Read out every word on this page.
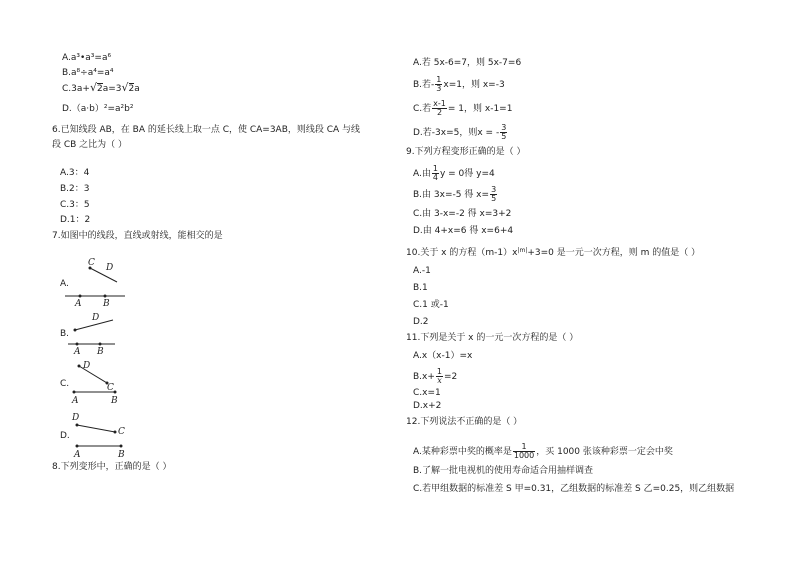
A.a³•a³=a⁶
B.a⁸÷a⁴=a⁴
C.3a+√2a=3√2a
D.（a·b）²=a²b²
6.已知线段 AB，在 BA 的延长线上取一点 C，使 CA=3AB，则线段 CA 与线
段 CB 之比为（ ）
A.3：4
B.2：3
C.3：5
D.1：2
7.如图中的线段，直线或射线，能相交的是
A.
A B
C D
B.
A B
D
C.
A	B
D
C
D.
A	B
D
C
8.下列变形中，正确的是（ ）
A.若 5x-6=7，则 5x-7=6
B.若- $\frac{1}{3} x=1$，则 x=-3
C.若 $\frac{x-1}{2} = 1$，则 x-1=1
D.若-3x=5，则x = - $\frac{3}{5}$
9.下列方程变形正确的是（ ）
A.由 $\frac{1}{4}$ y = 0得 y=4
B.由 3x=-5 得 $x= \frac{3}{5}$
C.由 3-x=-2 得 x=3+2
D.由 4+x=6 得 x=6+4
10.关于 x 的方程$(m-1)x^{|m|}+3=0$ 是一元一次方程，则 m 的值是（ ）
A.-1
B.1
C.1 或-1
D.2
11.下列是关于 x 的一元一次方程的是（ ）
A.x（x-1）=x
$B.x+ \frac{1}{x} =2$
C.x=1
D.x+2
12.下列说法不正确的是（ ）
A.某种彩票中奖的概率是 $\frac{1}{1000}$ ，买 1000 张该种彩票一定会中奖
B.了解一批电视机的使用寿命适合用抽样调查
C.若甲组数据的标准差 S 甲=0.31，乙组数据的标准差 S 乙=0.25，则乙组数据
